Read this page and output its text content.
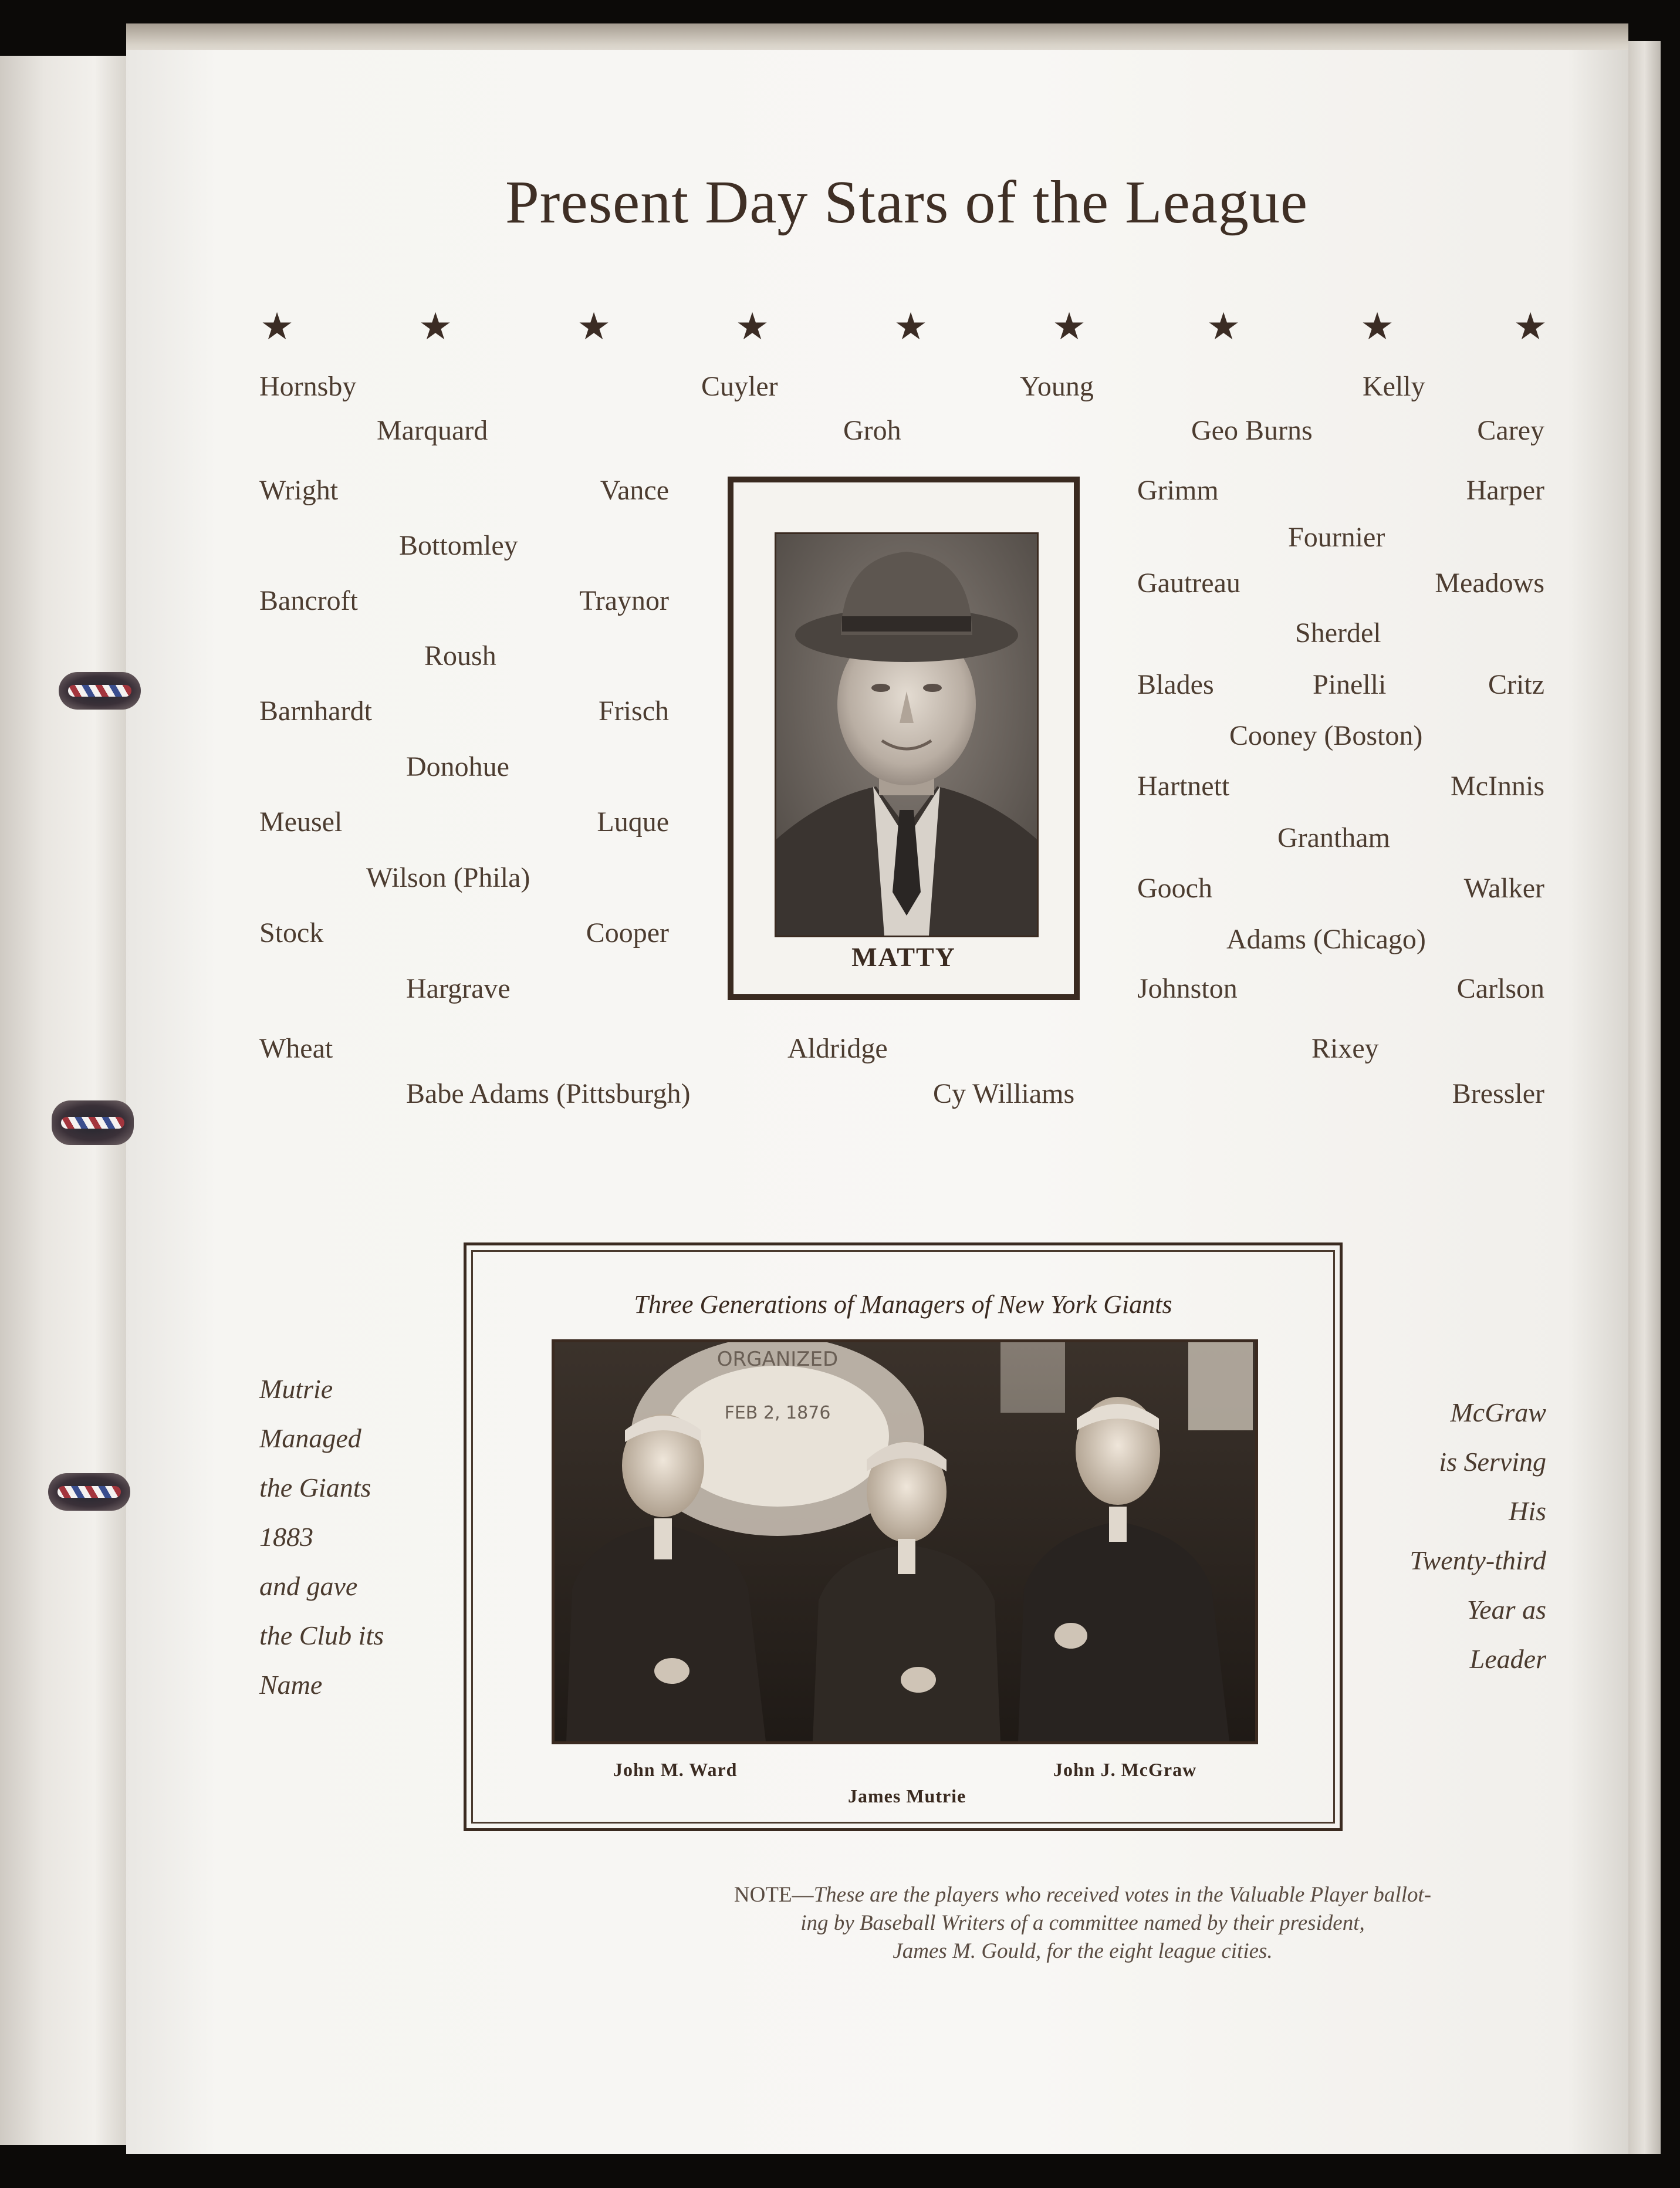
Present Day Stars of the League
★	★	★	★	★	★	★	★	★
Hornsby	Cuyler	Young	Kelly
Marquard	Groh	Geo Burns	Carey
Wright	Vance	Grimm	Harper
Bottomley	Fournier
Bancroft	Traynor
Gautreau	Meadows
Roush
Sherdel
Barnhardt	Frisch
Blades	Pinelli	Critz
Donohue
Cooney (Boston)
Meusel	Luque
Hartnett	McInnis
Wilson (Phila)
Grantham
Stock	Cooper
Gooch	Walker
Adams (Chicago)
Hargrave	Johnston	Carlson
Wheat	Aldridge	Rixey
Babe Adams (Pittsburgh)	Cy Williams	Bressler
MATTY
Mutrie
Managed
the Giants
1883
and gave
the Club its
Name
McGraw
is Serving
His
Twenty-third
Year as
Leader
Three Generations of Managers of New York Giants
ORGANIZED
FEB 2, 1876
John M. Ward
James Mutrie
John J. McGraw
NOTE—These are the players who received votes in the Valuable Player ballot-
ing by Baseball Writers of a committee named by their president,
James M. Gould, for the eight league cities.
